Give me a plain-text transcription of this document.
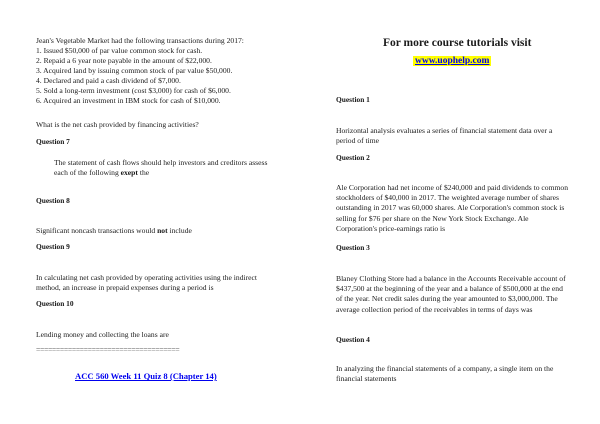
Jean's Vegetable Market had the following transactions during 2017:
1. Issued $50,000 of par value common stock for cash.
2. Repaid a 6 year note payable in the amount of $22,000.
3. Acquired land by issuing common stock of par value $50,000.
4. Declared and paid a cash dividend of $7,000.
5. Sold a long-term investment (cost $3,000) for cash of $6,000.
6. Acquired an investment in IBM stock for cash of $10,000.
What is the net cash provided by financing activities?
Question 7
The statement of cash flows should help investors and creditors assess each of the following exept the
Question 8
Significant noncash transactions would not include
Question 9
In calculating net cash provided by operating activities using the indirect method, an increase in prepaid expenses during a period is
Question 10
Lending money and collecting the loans are
====================================
ACC 560 Week 11 Quiz 8 (Chapter 14)
For more course tutorials visit
www.uophelp.com
Question 1
Horizontal analysis evaluates a series of financial statement data over a period of time
Question 2
Ale Corporation had net income of $240,000 and paid dividends to common stockholders of $40,000 in 2017. The weighted average number of shares outstanding in 2017 was 60,000 shares. Ale Corporation's common stock is selling for $76 per share on the New York Stock Exchange. Ale Corporation's price-earnings ratio is
Question 3
Blaney Clothing Store had a balance in the Accounts Receivable account of $437,500 at the beginning of the year and a balance of $500,000 at the end of the year. Net credit sales during the year amounted to $3,000,000. The average collection period of the receivables in terms of days was
Question 4
In analyzing the financial statements of a company, a single item on the financial statements
